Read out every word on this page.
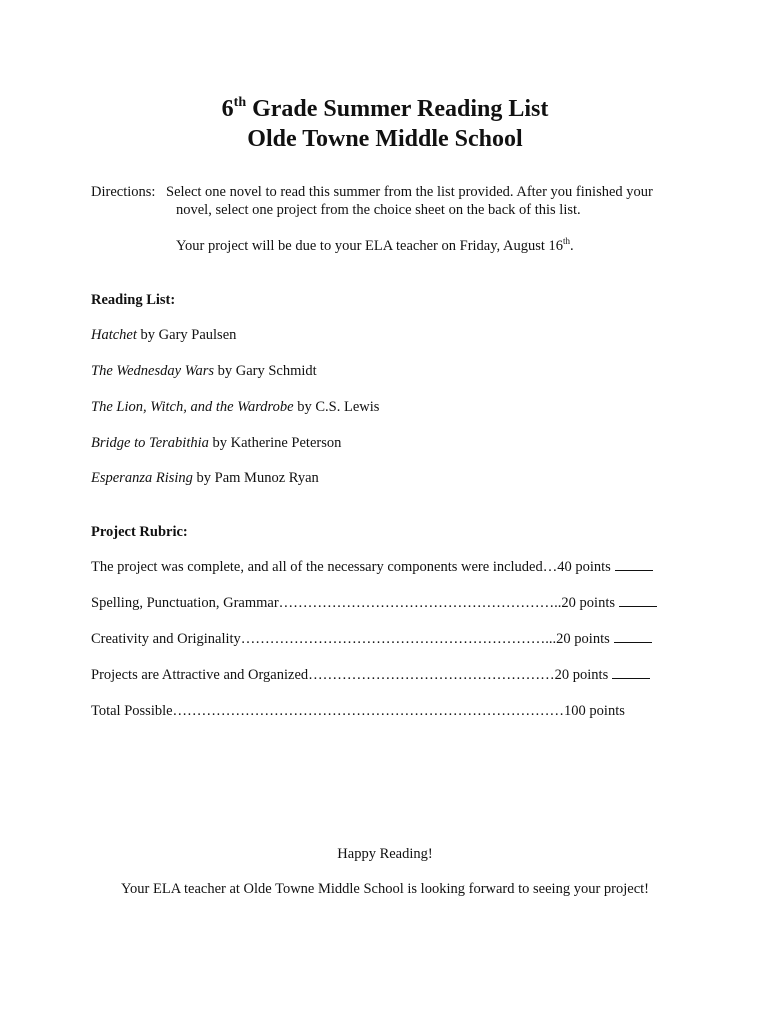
6th Grade Summer Reading List
Olde Towne Middle School
Directions: Select one novel to read this summer from the list provided. After you finished your
novel, select one project from the choice sheet on the back of this list.
Your project will be due to your ELA teacher on Friday, August 16th.
Reading List:
Hatchet by Gary Paulsen
The Wednesday Wars by Gary Schmidt
The Lion, Witch, and the Wardrobe by C.S. Lewis
Bridge to Terabithia by Katherine Peterson
Esperanza Rising by Pam Munoz Ryan
Project Rubric:
The project was complete, and all of the necessary components were included…40 points
Spelling, Punctuation, Grammar…………………………………………………..20 points
Creativity and Originality………………………………………………………...20 points
Projects are Attractive and Organized……………………………………………20 points
Total Possible………………………………………………………………………100 points
Happy Reading!
Your ELA teacher at Olde Towne Middle School is looking forward to seeing your project!
